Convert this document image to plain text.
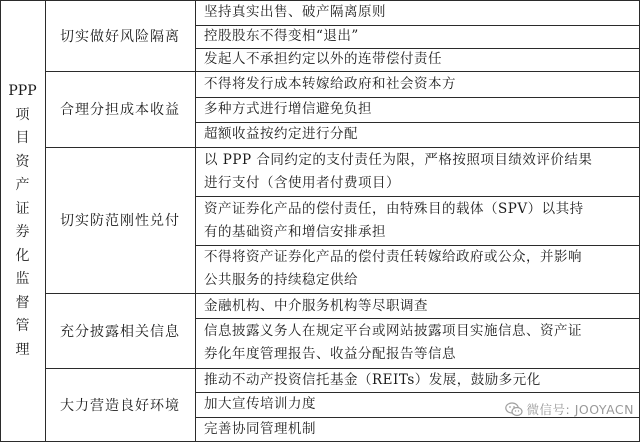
PPP
项
目
资
产
证
券
化
监
督
管
理
切实做好风险隔离
合理分担成本收益
切实防范刚性兑付
充分披露相关信息
大力营造良好环境
坚持真实出售、破产隔离原则
控股股东不得变相“退出”
发起人不承担约定以外的连带偿付责任
不得将发行成本转嫁给政府和社会资本方
多种方式进行增信避免负担
超额收益按约定进行分配
以 PPP 合同约定的支付责任为限，严格按照项目绩效评价结果
进行支付（含使用者付费项目）
资产证券化产品的偿付责任，由特殊目的载体（SPV）以其持
有的基础资产和增信安排承担
不得将资产证券化产品的偿付责任转嫁给政府或公众，并影响
公共服务的持续稳定供给
金融机构、中介服务机构等尽职调查
信息披露义务人在规定平台或网站披露项目实施信息、资产证
券化年度管理报告、收益分配报告等信息
推动不动产投资信托基金（REITs）发展，鼓励多元化
加大宣传培训力度
完善协同管理机制
微信号: JOOYACN
